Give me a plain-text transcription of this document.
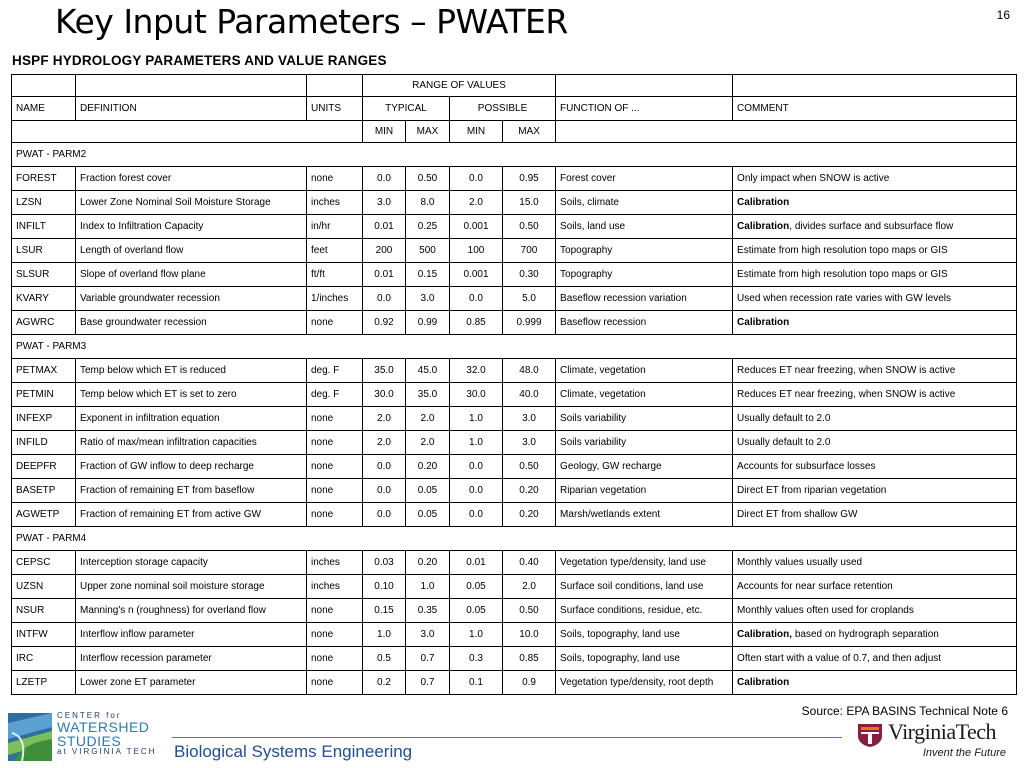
Key Input Parameters – PWATER	16
HSPF HYDROLOGY PARAMETERS AND VALUE RANGES
			RANGE OF VALUES					
NAME	DEFINITION	UNITS	TYPICAL		POSSIBLE		FUNCTION OF ...	COMMENT
			MIN	MAX	MIN	MAX		
PWAT - PARM2								
FOREST	Fraction forest cover	none	0.0	0.50	0.0	0.95	Forest cover	Only impact when SNOW is active
LZSN	Lower Zone Nominal Soil Moisture Storage	inches	3.0	8.0	2.0	15.0	Soils, climate	Calibration
INFILT	Index to Infiltration Capacity	in/hr	0.01	0.25	0.001	0.50	Soils, land use	Calibration, divides surface and subsurface flow
LSUR	Length of overland flow	feet	200	500	100	700	Topography	Estimate from high resolution topo maps or GIS
SLSUR	Slope of overland flow plane	ft/ft	0.01	0.15	0.001	0.30	Topography	Estimate from high resolution topo maps or GIS
KVARY	Variable groundwater recession	1/inches	0.0	3.0	0.0	5.0	Baseflow recession variation	Used when recession rate varies with GW levels
AGWRC	Base groundwater recession	none	0.92	0.99	0.85	0.999	Baseflow recession	Calibration
PWAT - PARM3								
PETMAX	Temp below which ET is reduced	deg. F	35.0	45.0	32.0	48.0	Climate, vegetation	Reduces ET near freezing, when SNOW is active
PETMIN	Temp below which ET is set to zero	deg. F	30.0	35.0	30.0	40.0	Climate, vegetation	Reduces ET near freezing, when SNOW is active
INFEXP	Exponent in infiltration equation	none	2.0	2.0	1.0	3.0	Soils variability	Usually default to 2.0
INFILD	Ratio of max/mean infiltration capacities	none	2.0	2.0	1.0	3.0	Soils variability	Usually default to 2.0
DEEPFR	Fraction of GW inflow to deep recharge	none	0.0	0.20	0.0	0.50	Geology, GW recharge	Accounts for subsurface losses
BASETP	Fraction of remaining ET from baseflow	none	0.0	0.05	0.0	0.20	Riparian vegetation	Direct ET from riparian vegetation
AGWETP	Fraction of remaining ET from active GW	none	0.0	0.05	0.0	0.20	Marsh/wetlands extent	Direct ET from shallow GW
PWAT - PARM4								
CEPSC	Interception storage capacity	inches	0.03	0.20	0.01	0.40	Vegetation type/density, land use	Monthly values usually used
UZSN	Upper zone nominal soil moisture storage	inches	0.10	1.0	0.05	2.0	Surface soil conditions, land use	Accounts for near surface retention
NSUR	Manning's n (roughness) for overland flow	none	0.15	0.35	0.05	0.50	Surface conditions, residue, etc.	Monthly values often used for croplands
INTFW	Interflow inflow parameter	none	1.0	3.0	1.0	10.0	Soils, topography, land use	Calibration, based on hydrograph separation
IRC	Interflow recession parameter	none	0.5	0.7	0.3	0.85	Soils, topography, land use	Often start with a value of 0.7, and then adjust
LZETP	Lower zone ET parameter	none	0.2	0.7	0.1	0.9	Vegetation type/density, root depth	Calibration
CENTER for
WATERSHED
STUDIES
at VIRGINIA TECH Biological Systems Engineering
Source: EPA BASINS Technical Note 6
VirginiaTech
Invent the Future
